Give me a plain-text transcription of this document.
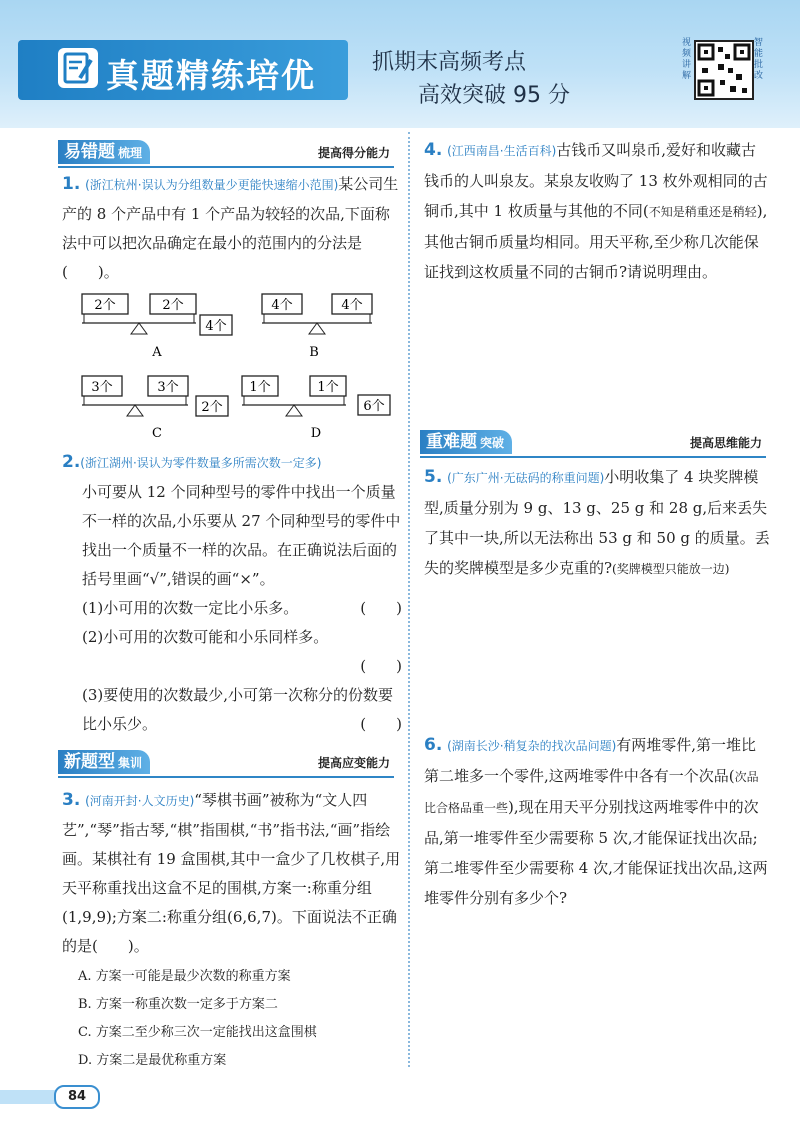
真题精练培优	抓期末高频考点
高效突破 95 分
视频讲解
智能批改
易错题 梳理	提高得分能力
1. (浙江杭州·误认为分组数量少更能快速缩小范围)某公司生产的 8 个产品中有 1 个产品为较轻的次品,下面称法中可以把次品确定在最小的范围内的分法是(　　)。
2个	2个
4个
A
4个	4个
B
3个	3个
2个
C
1个	1个
6个
D
2.(浙江湖州·误认为零件数量多所需次数一定多)
小可要从 12 个同种型号的零件中找出一个质量不一样的次品,小乐要从 27 个同种型号的零件中找出一个质量不一样的次品。在正确说法后面的括号里画“√”,错误的画“×”。
(1)小可用的次数一定比小乐多。	(　　)
(2)小可用的次数可能和小乐同样多。
(　　)
(3)要使用的次数最少,小可第一次称分的份数要比小乐少。	(　　)
新题型 集训	提高应变能力
3. (河南开封·人文历史)“琴棋书画”被称为“文人四艺”,“琴”指古琴,“棋”指围棋,“书”指书法,“画”指绘画。某棋社有 19 盒围棋,其中一盒少了几枚棋子,用天平称重找出这盒不足的围棋,方案一:称重分组(1,9,9);方案二:称重分组(6,6,7)。下面说法不正确的是(　　)。
A. 方案一可能是最少次数的称重方案
B. 方案一称重次数一定多于方案二
C. 方案二至少称三次一定能找出这盒围棋
D. 方案二是最优称重方案
4. (江西南昌·生活百科)古钱币又叫泉币,爱好和收藏古钱币的人叫泉友。某泉友收购了 13 枚外观相同的古铜币,其中 1 枚质量与其他的不同(不知是稍重还是稍轻),其他古铜币质量均相同。用天平称,至少称几次能保证找到这枚质量不同的古铜币?请说明理由。
重难题 突破	提高思维能力
5. (广东广州·无砝码的称重问题)小明收集了 4 块奖牌模型,质量分别为 9 g、13 g、25 g 和 28 g,后来丢失了其中一块,所以无法称出 53 g 和 50 g 的质量。丢失的奖牌模型是多少克重的?(奖牌模型只能放一边)
6. (湖南长沙·稍复杂的找次品问题)有两堆零件,第一堆比第二堆多一个零件,这两堆零件中各有一个次品(次品比合格品重一些),现在用天平分别找这两堆零件中的次品,第一堆零件至少需要称 5 次,才能保证找出次品;第二堆零件至少需要称 4 次,才能保证找出次品,这两堆零件分别有多少个?
84
